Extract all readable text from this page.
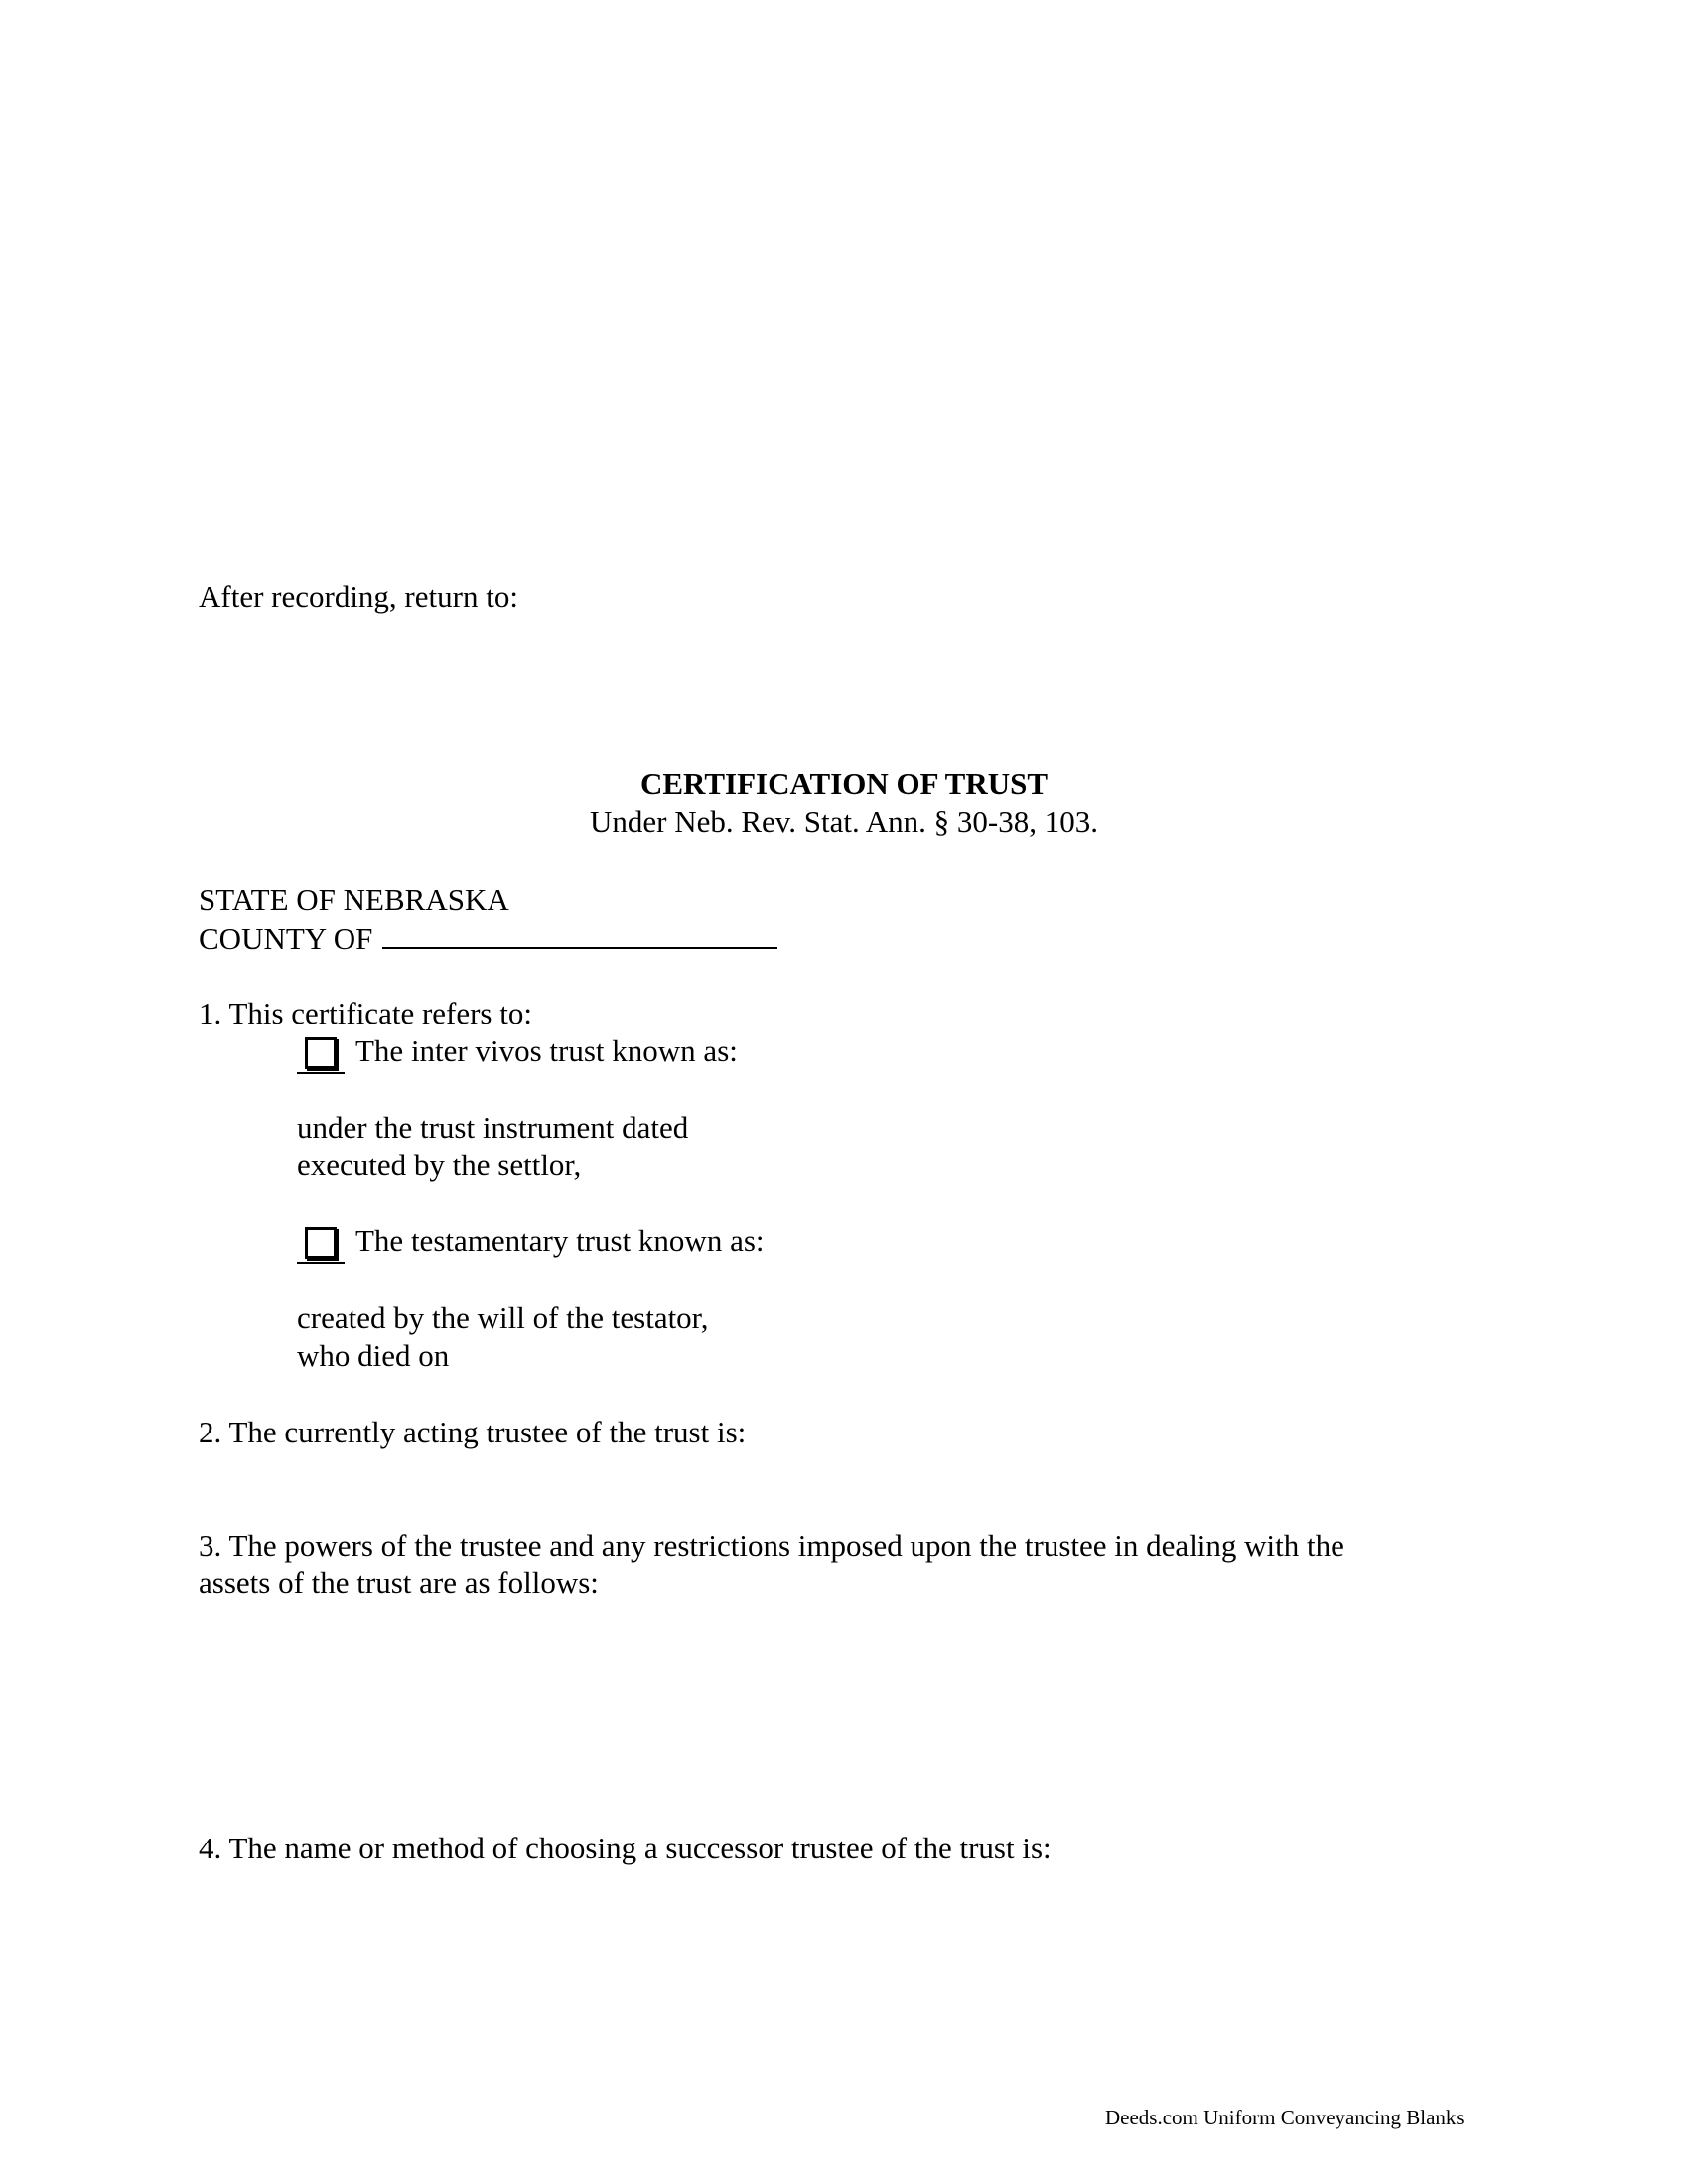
After recording, return to:
CERTIFICATION OF TRUST
Under Neb. Rev. Stat. Ann. § 30-38, 103.
STATE OF NEBRASKA
COUNTY OF
1. This certificate refers to:
The inter vivos trust known as:
under the trust instrument dated
executed by the settlor,
The testamentary trust known as:
created by the will of the testator,
who died on
2. The currently acting trustee of the trust is:
3. The powers of the trustee and any restrictions imposed upon the trustee in dealing with the
assets of the trust are as follows:
4. The name or method of choosing a successor trustee of the trust is:
Deeds.com Uniform Conveyancing Blanks
